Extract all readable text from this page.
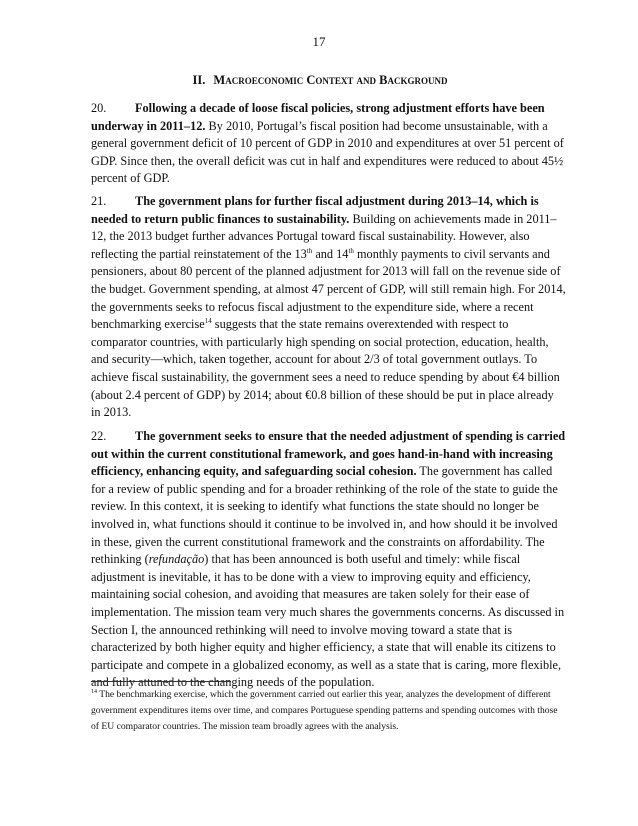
17
II. Macroeconomic Context and Background

20. Following a decade of loose fiscal policies, strong adjustment efforts have been underway in 2011–12. By 2010, Portugal’s fiscal position had become unsustainable, with a general government deficit of 10 percent of GDP in 2010 and expenditures at over 51 percent of GDP. Since then, the overall deficit was cut in half and expenditures were reduced to about 45½ percent of GDP.

21. The government plans for further fiscal adjustment during 2013–14, which is needed to return public finances to sustainability. Building on achievements made in 2011–12, the 2013 budget further advances Portugal toward fiscal sustainability. However, also reflecting the partial reinstatement of the 13th and 14th monthly payments to civil servants and pensioners, about 80 percent of the planned adjustment for 2013 will fall on the revenue side of the budget. Government spending, at almost 47 percent of GDP, will still remain high. For 2014, the governments seeks to refocus fiscal adjustment to the expenditure side, where a recent benchmarking exercise$^{14}$ suggests that the state remains overextended with respect to comparator countries, with particularly high spending on social protection, education, health, and security—which, taken together, account for about 2/3 of total government outlays. To achieve fiscal sustainability, the government sees a need to reduce spending by about €4 billion (about 2.4 percent of GDP) by 2014; about €0.8 billion of these should be put in place already in 2013.

22. The government seeks to ensure that the needed adjustment of spending is carried out within the current constitutional framework, and goes hand-in-hand with increasing efficiency, enhancing equity, and safeguarding social cohesion. The government has called for a review of public spending and for a broader rethinking of the role of the state to guide the review. In this context, it is seeking to identify what functions the state should no longer be involved in, what functions should it continue to be involved in, and how should it be involved in these, given the current constitutional framework and the constraints on affordability. The rethinking (refundação) that has been announced is both useful and timely: while fiscal adjustment is inevitable, it has to be done with a view to improving equity and efficiency, maintaining social cohesion, and avoiding that measures are taken solely for their ease of implementation. The mission team very much shares the governments concerns. As discussed in Section I, the announced rethinking will need to involve moving toward a state that is characterized by both higher equity and higher efficiency, a state that will enable its citizens to participate and compete in a globalized economy, as well as a state that is caring, more flexible, and fully attuned to the changing needs of the population.

$^{14}$ The benchmarking exercise, which the government carried out earlier this year, analyzes the development of different government expenditures items over time, and compares Portuguese spending patterns and spending outcomes with those of EU comparator countries. The mission team broadly agrees with the analysis.
